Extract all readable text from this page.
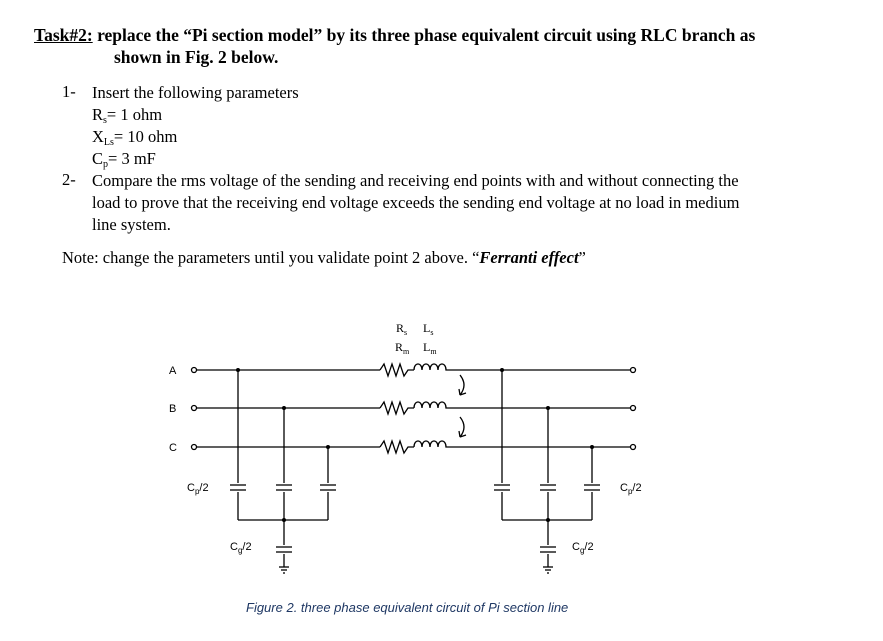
Task#2: replace the “Pi section model” by its three phase equivalent circuit using RLC branch as
shown in Fig. 2 below.
1- Insert the following parameters
$R_s= 1$ ohm
$X_{Ls}= 10$ ohm
$C_p= 3$ mF
2- Compare the rms voltage of the sending and receiving end points with and without connecting the
load to prove that the receiving end voltage exceeds the sending end voltage at no load in medium
line system.
Note: change the parameters until you validate point 2 above. “Ferranti effect”
$R_s$ $L_s$
$R_m$ $L_m$
A
B
C
$C_p/2$	$C_p/2$
$C_g/2$	$C_g/2$
Figure 2. three phase equivalent circuit of Pi section line
